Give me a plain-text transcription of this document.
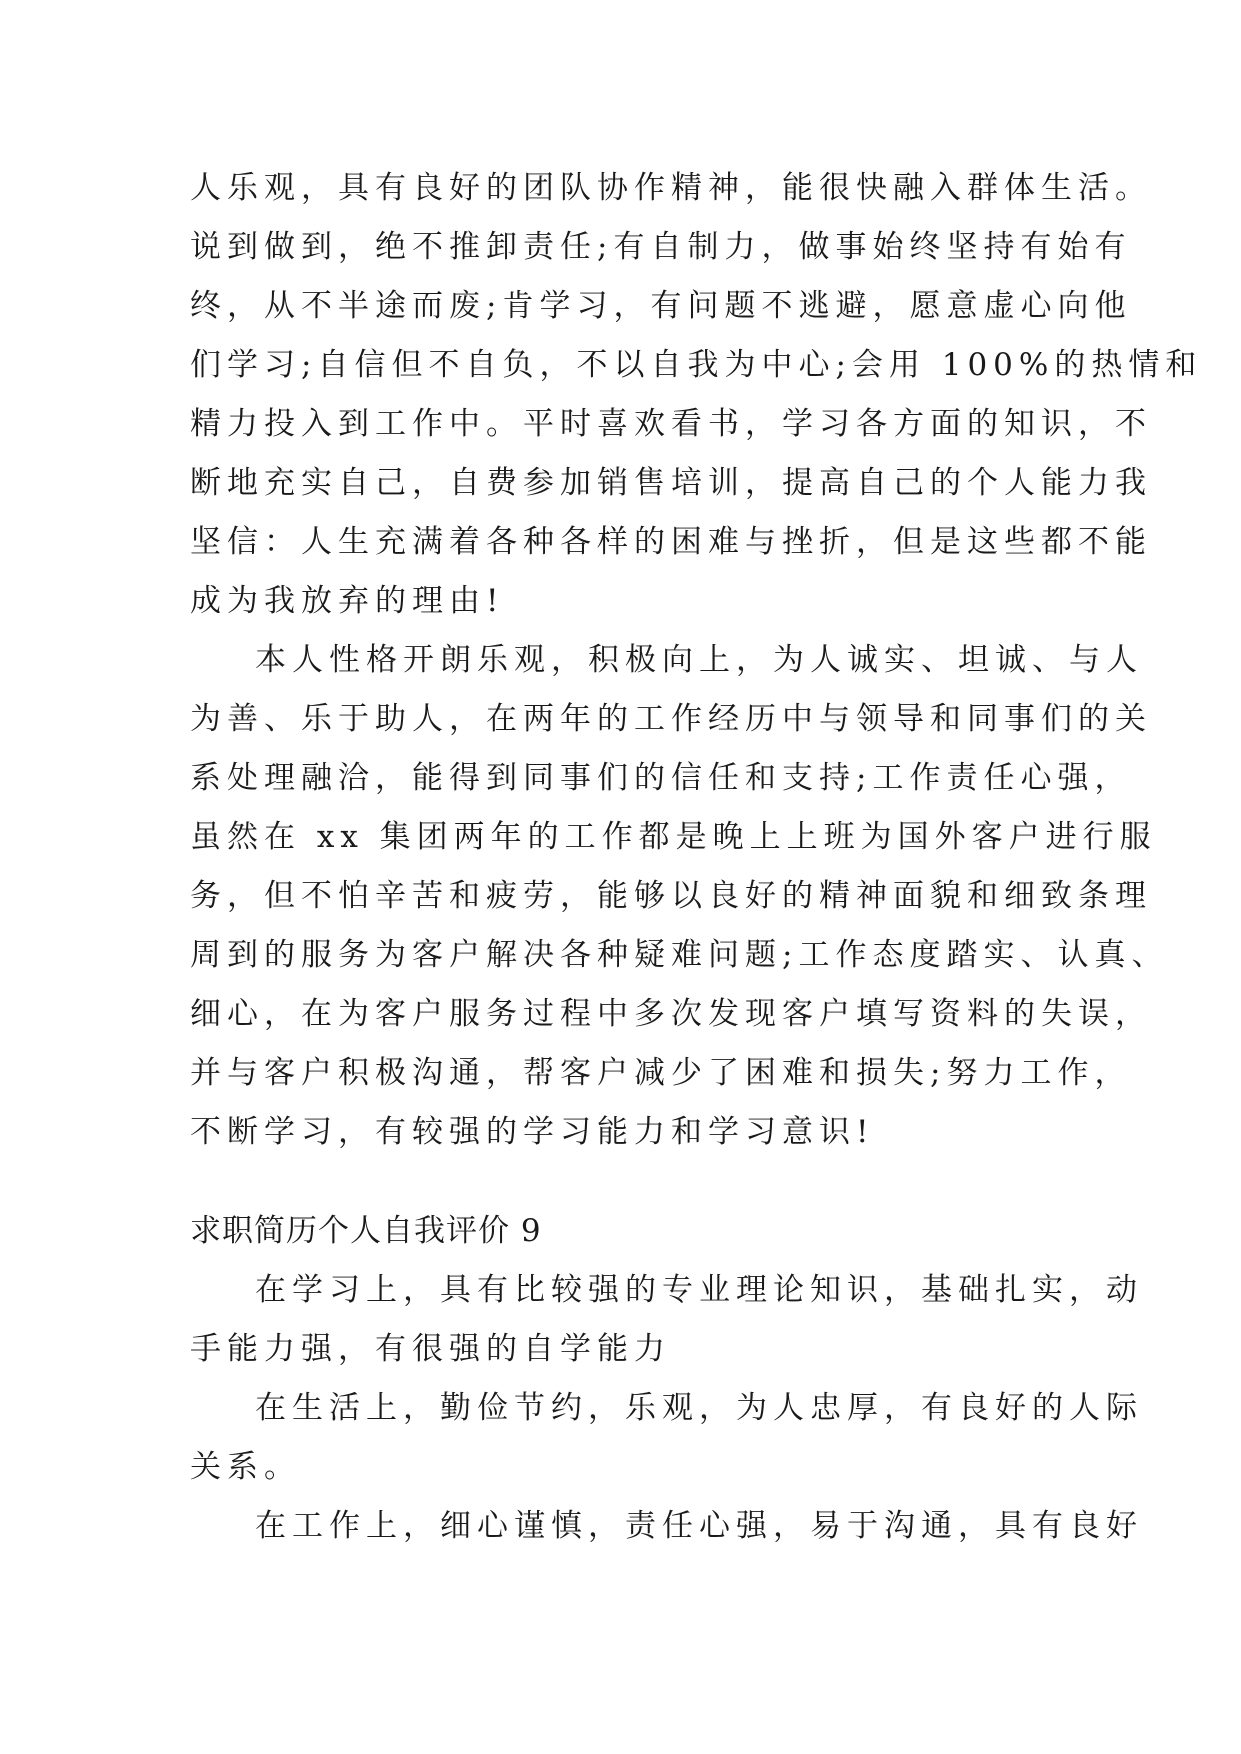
人乐观，具有良好的团队协作精神，能很快融入群体生活。

说到做到，绝不推卸责任;有自制力，做事始终坚持有始有

终，从不半途而废;肯学习，有问题不逃避，愿意虚心向他

们学习;自信但不自负，不以自我为中心;会用 100%的热情和

精力投入到工作中。平时喜欢看书，学习各方面的知识，不

断地充实自己，自费参加销售培训，提高自己的个人能力我

坚信：人生充满着各种各样的困难与挫折，但是这些都不能

成为我放弃的理由!

本人性格开朗乐观，积极向上，为人诚实、坦诚、与人

为善、乐于助人，在两年的工作经历中与领导和同事们的关

系处理融洽，能得到同事们的信任和支持;工作责任心强，

虽然在 xx 集团两年的工作都是晚上上班为国外客户进行服

务，但不怕辛苦和疲劳，能够以良好的精神面貌和细致条理

周到的服务为客户解决各种疑难问题;工作态度踏实、认真、

细心，在为客户服务过程中多次发现客户填写资料的失误，

并与客户积极沟通，帮客户减少了困难和损失;努力工作，

不断学习，有较强的学习能力和学习意识!

求职简历个人自我评价 9

在学习上，具有比较强的专业理论知识，基础扎实，动

手能力强，有很强的自学能力

在生活上，勤俭节约，乐观，为人忠厚，有良好的人际

关系。

在工作上，细心谨慎，责任心强，易于沟通，具有良好
